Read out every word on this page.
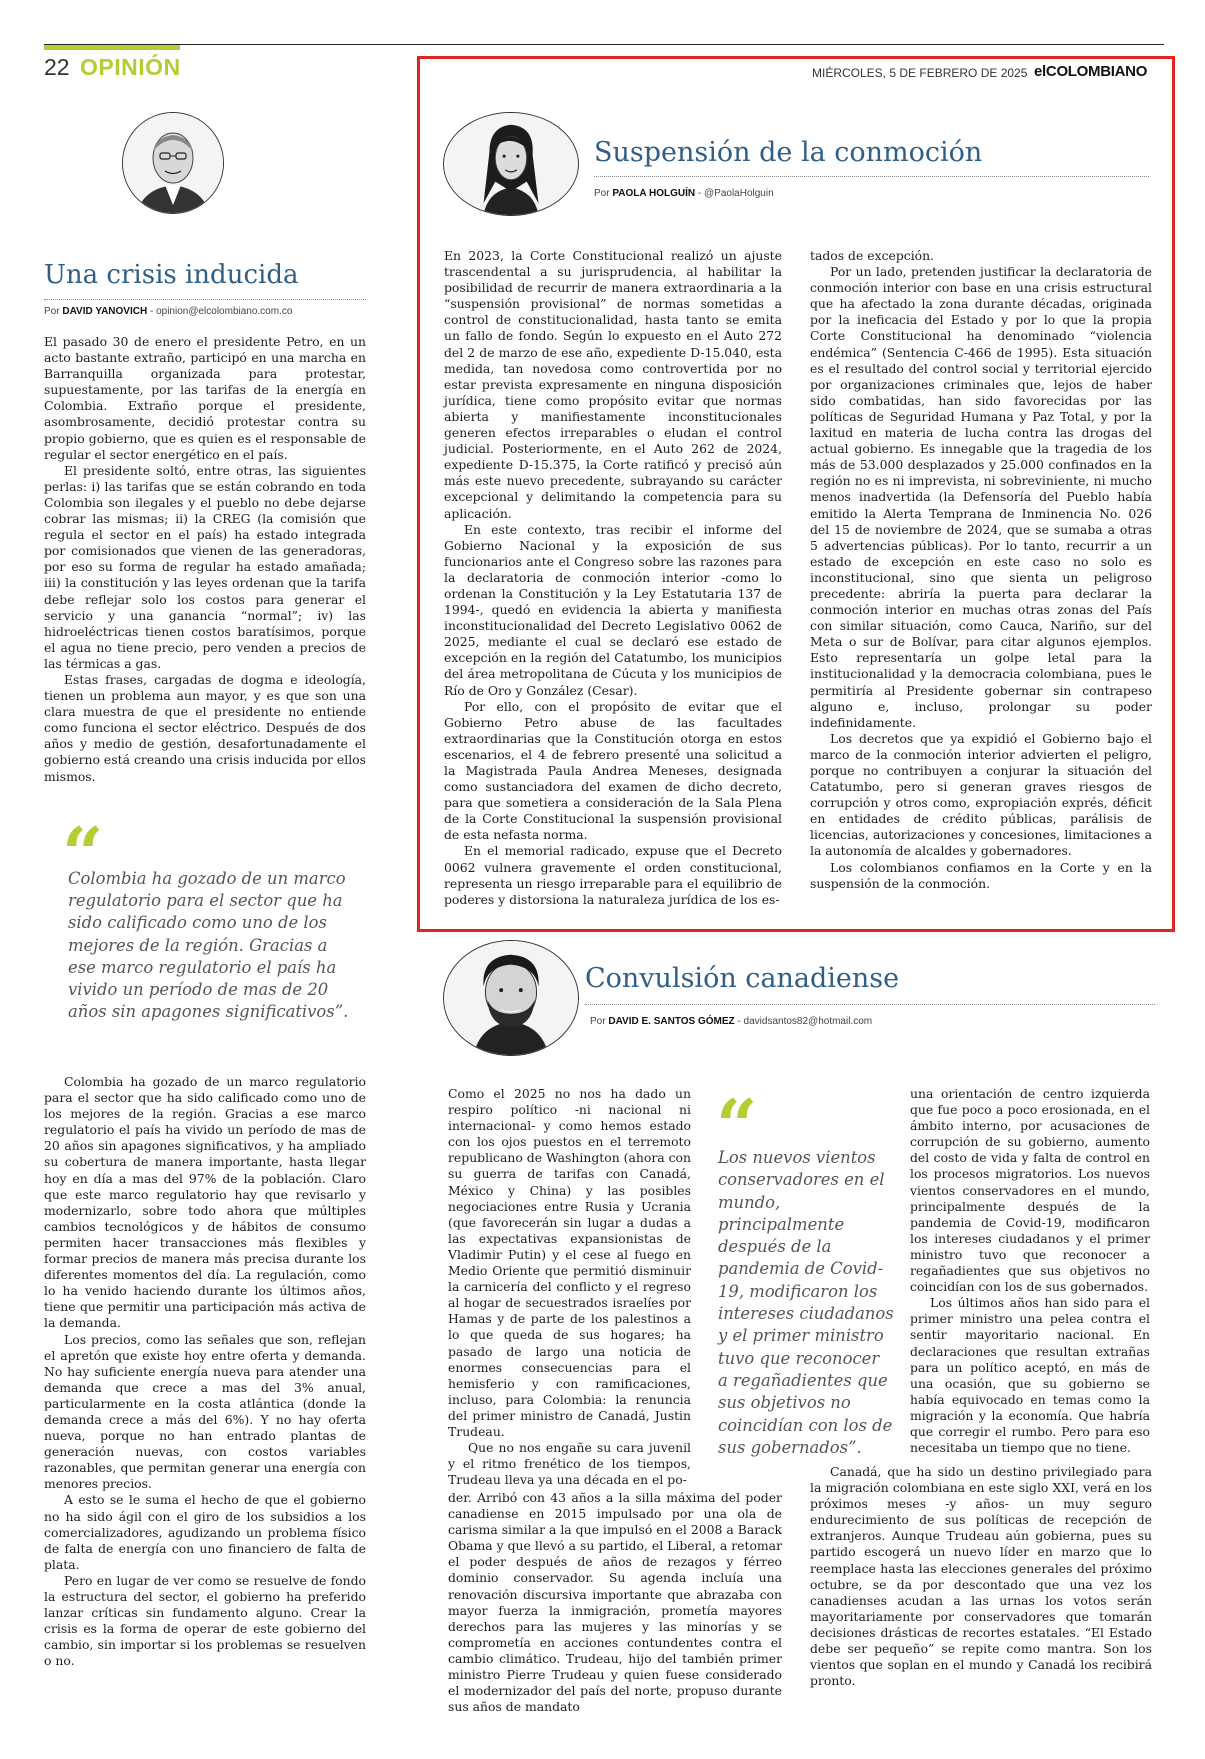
22 OPINIÓN	MIÉRCOLES, 5 DE FEBRERO DE 2025 elCOLOMBIANO
Una crisis inducida
Por DAVID YANOVICH - opinion@elcolombiano.com.co

El pasado 30 de enero el presidente Petro, en un acto bastante extraño, participó en una marcha en Barranquilla organizada para protestar, supuestamente, por las tarifas de la energía en Colombia. Extraño porque el presidente, asombrosamente, decidió protestar contra su propio gobierno, que es quien es el responsable de regular el sector energético en el país.

El presidente soltó, entre otras, las siguientes perlas: i) las tarifas que se están cobrando en toda Colombia son ilegales y el pueblo no debe dejarse cobrar las mismas; ii) la CREG (la comisión que regula el sector en el país) ha estado integrada por comisionados que vienen de las generadoras, por eso su forma de regular ha estado amañada; iii) la constitución y las leyes ordenan que la tarifa debe reflejar solo los costos para generar el servicio y una ganancia “normal”; iv) las hidroeléctricas tienen costos baratísimos, porque el agua no tiene precio, pero venden a precios de las térmicas a gas.

Estas frases, cargadas de dogma e ideología, tienen un problema aun mayor, y es que son una clara muestra de que el presidente no entiende como funciona el sector eléctrico. Después de dos años y medio de gestión, desafortunadamente el gobierno está creando una crisis inducida por ellos mismos.

“
Colombia ha gozado de un marco regulatorio para el sector que ha sido calificado como uno de los mejores de la región. Gracias a ese marco regulatorio el país ha vivido un período de mas de 20 años sin apagones significativos”.

Colombia ha gozado de un marco regulatorio para el sector que ha sido calificado como uno de los mejores de la región. Gracias a ese marco regulatorio el país ha vivido un período de mas de 20 años sin apagones significativos, y ha ampliado su cobertura de manera importante, hasta llegar hoy en día a mas del 97% de la población. Claro que este marco regulatorio hay que revisarlo y modernizarlo, sobre todo ahora que múltiples cambios tecnológicos y de hábitos de consumo permiten hacer transacciones más flexibles y formar precios de manera más precisa durante los diferentes momentos del día. La regulación, como lo ha venido haciendo durante los últimos años, tiene que permitir una participación más activa de la demanda.

Los precios, como las señales que son, reflejan el apretón que existe hoy entre oferta y demanda. No hay suficiente energía nueva para atender una demanda que crece a mas del 3% anual, particularmente en la costa atlántica (donde la demanda crece a más del 6%). Y no hay oferta nueva, porque no han entrado plantas de generación nuevas, con costos variables razonables, que permitan generar una energía con menores precios.

A esto se le suma el hecho de que el gobierno no ha sido ágil con el giro de los subsidios a los comercializadores, agudizando un problema físico de falta de energía con uno financiero de falta de plata.

Pero en lugar de ver como se resuelve de fondo la estructura del sector, el gobierno ha preferido lanzar críticas sin fundamento alguno. Crear la crisis es la forma de operar de este gobierno del cambio, sin importar si los problemas se resuelven o no.

Suspensión de la conmoción
Por PAOLA HOLGUÍN - @PaolaHolguin

En 2023, la Corte Constitucional realizó un ajuste trascendental a su jurisprudencia, al habilitar la posibilidad de recurrir de manera extraordinaria a la “suspensión provisional” de normas sometidas a control de constitucionalidad, hasta tanto se emita un fallo de fondo. Según lo expuesto en el Auto 272 del 2 de marzo de ese año, expediente D-15.040, esta medida, tan novedosa como controvertida por no estar prevista expresamente en ninguna disposición jurídica, tiene como propósito evitar que normas abierta y manifiestamente inconstitucionales generen efectos irreparables o eludan el control judicial. Posteriormente, en el Auto 262 de 2024, expediente D-15.375, la Corte ratificó y precisó aún más este nuevo precedente, subrayando su carácter excepcional y delimitando la competencia para su aplicación.

En este contexto, tras recibir el informe del Gobierno Nacional y la exposición de sus funcionarios ante el Congreso sobre las razones para la declaratoria de conmoción interior -como lo ordenan la Constitución y la Ley Estatutaria 137 de 1994-, quedó en evidencia la abierta y manifiesta inconstitucionalidad del Decreto Legislativo 0062 de 2025, mediante el cual se declaró ese estado de excepción en la región del Catatumbo, los municipios del área metropolitana de Cúcuta y los municipios de Río de Oro y González (Cesar).

Por ello, con el propósito de evitar que el Gobierno Petro abuse de las facultades extraordinarias que la Constitución otorga en estos escenarios, el 4 de febrero presenté una solicitud a la Magistrada Paula Andrea Meneses, designada como sustanciadora del examen de dicho decreto, para que sometiera a consideración de la Sala Plena de la Corte Constitucional la suspensión provisional de esta nefasta norma.

En el memorial radicado, expuse que el Decreto 0062 vulnera gravemente el orden constitucional, representa un riesgo irreparable para el equilibrio de poderes y distorsiona la naturaleza jurídica de los es-

tados de excepción.

Por un lado, pretenden justificar la declaratoria de conmoción interior con base en una crisis estructural que ha afectado la zona durante décadas, originada por la ineficacia del Estado y por lo que la propia Corte Constitucional ha denominado “violencia endémica” (Sentencia C-466 de 1995). Esta situación es el resultado del control social y territorial ejercido por organizaciones criminales que, lejos de haber sido combatidas, han sido favorecidas por las políticas de Seguridad Humana y Paz Total, y por la laxitud en materia de lucha contra las drogas del actual gobierno. Es innegable que la tragedia de los más de 53.000 desplazados y 25.000 confinados en la región no es ni imprevista, ni sobreviniente, ni mucho menos inadvertida (la Defensoría del Pueblo había emitido la Alerta Temprana de Inminencia No. 026 del 15 de noviembre de 2024, que se sumaba a otras 5 advertencias públicas). Por lo tanto, recurrir a un estado de excepción en este caso no solo es inconstitucional, sino que sienta un peligroso precedente: abriría la puerta para declarar la conmoción interior en muchas otras zonas del País con similar situación, como Cauca, Nariño, sur del Meta o sur de Bolívar, para citar algunos ejemplos. Esto representaría un golpe letal para la institucionalidad y la democracia colombiana, pues le permitiría al Presidente gobernar sin contrapeso alguno e, incluso, prolongar su poder indefinidamente.

Los decretos que ya expidió el Gobierno bajo el marco de la conmoción interior advierten el peligro, porque no contribuyen a conjurar la situación del Catatumbo, pero si generan graves riesgos de corrupción y otros como, expropiación exprés, déficit en entidades de crédito públicas, parálisis de licencias, autorizaciones y concesiones, limitaciones a la autonomía de alcaldes y gobernadores.

Los colombianos confiamos en la Corte y en la suspensión de la conmoción.

Convulsión canadiense
Por DAVID E. SANTOS GÓMEZ - davidsantos82@hotmail.com

Como el 2025 no nos ha dado un respiro político -ni nacional ni internacional- y como hemos estado con los ojos puestos en el terremoto republicano de Washington (ahora con su guerra de tarifas con Canadá, México y China) y las posibles negociaciones entre Rusia y Ucrania (que favorecerán sin lugar a dudas a las expectativas expansionistas de Vladimir Putin) y el cese al fuego en Medio Oriente que permitió disminuir la carnicería del conflicto y el regreso al hogar de secuestrados israelíes por Hamas y de parte de los palestinos a lo que queda de sus hogares; ha pasado de largo una noticia de enormes consecuencias para el hemisferio y con ramificaciones, incluso, para Colombia: la renuncia del primer ministro de Canadá, Justin Trudeau.

Que no nos engañe su cara juvenil y el ritmo frenético de los tiempos, Trudeau lleva ya una década en el po-

der. Arribó con 43 años a la silla máxima del poder canadiense en 2015 impulsado por una ola de carisma similar a la que impulsó en el 2008 a Barack Obama y que llevó a su partido, el Liberal, a retomar el poder después de años de rezagos y férreo dominio conservador. Su agenda incluía una renovación discursiva importante que abrazaba con mayor fuerza la inmigración, prometía mayores derechos para las mujeres y las minorías y se comprometía en acciones contundentes contra el cambio climático. Trudeau, hijo del también primer ministro Pierre Trudeau y quien fuese considerado el modernizador del país del norte, propuso durante sus años de mandato

“
Los nuevos vientos conservadores en el mundo, principalmente después de la pandemia de Covid-19, modificaron los intereses ciudadanos y el primer ministro tuvo que reconocer a regañadientes que sus objetivos no coincidían con los de sus gobernados”.

una orientación de centro izquierda que fue poco a poco erosionada, en el ámbito interno, por acusaciones de corrupción de su gobierno, aumento del costo de vida y falta de control en los procesos migratorios. Los nuevos vientos conservadores en el mundo, principalmente después de la pandemia de Covid-19, modificaron los intereses ciudadanos y el primer ministro tuvo que reconocer a regañadientes que sus objetivos no coincidían con los de sus gobernados.

Los últimos años han sido para el primer ministro una pelea contra el sentir mayoritario nacional. En declaraciones que resultan extrañas para un político aceptó, en más de una ocasión, que su gobierno se había equivocado en temas como la migración y la economía. Que habría que corregir el rumbo. Pero para eso necesitaba un tiempo que no tiene.

Canadá, que ha sido un destino privilegiado para la migración colombiana en este siglo XXI, verá en los próximos meses -y años- un muy seguro endurecimiento de sus políticas de recepción de extranjeros. Aunque Trudeau aún gobierna, pues su partido escogerá un nuevo líder en marzo que lo reemplace hasta las elecciones generales del próximo octubre, se da por descontado que una vez los canadienses acudan a las urnas los votos serán mayoritariamente por conservadores que tomarán decisiones drásticas de recortes estatales. “El Estado debe ser pequeño” se repite como mantra. Son los vientos que soplan en el mundo y Canadá los recibirá pronto.
